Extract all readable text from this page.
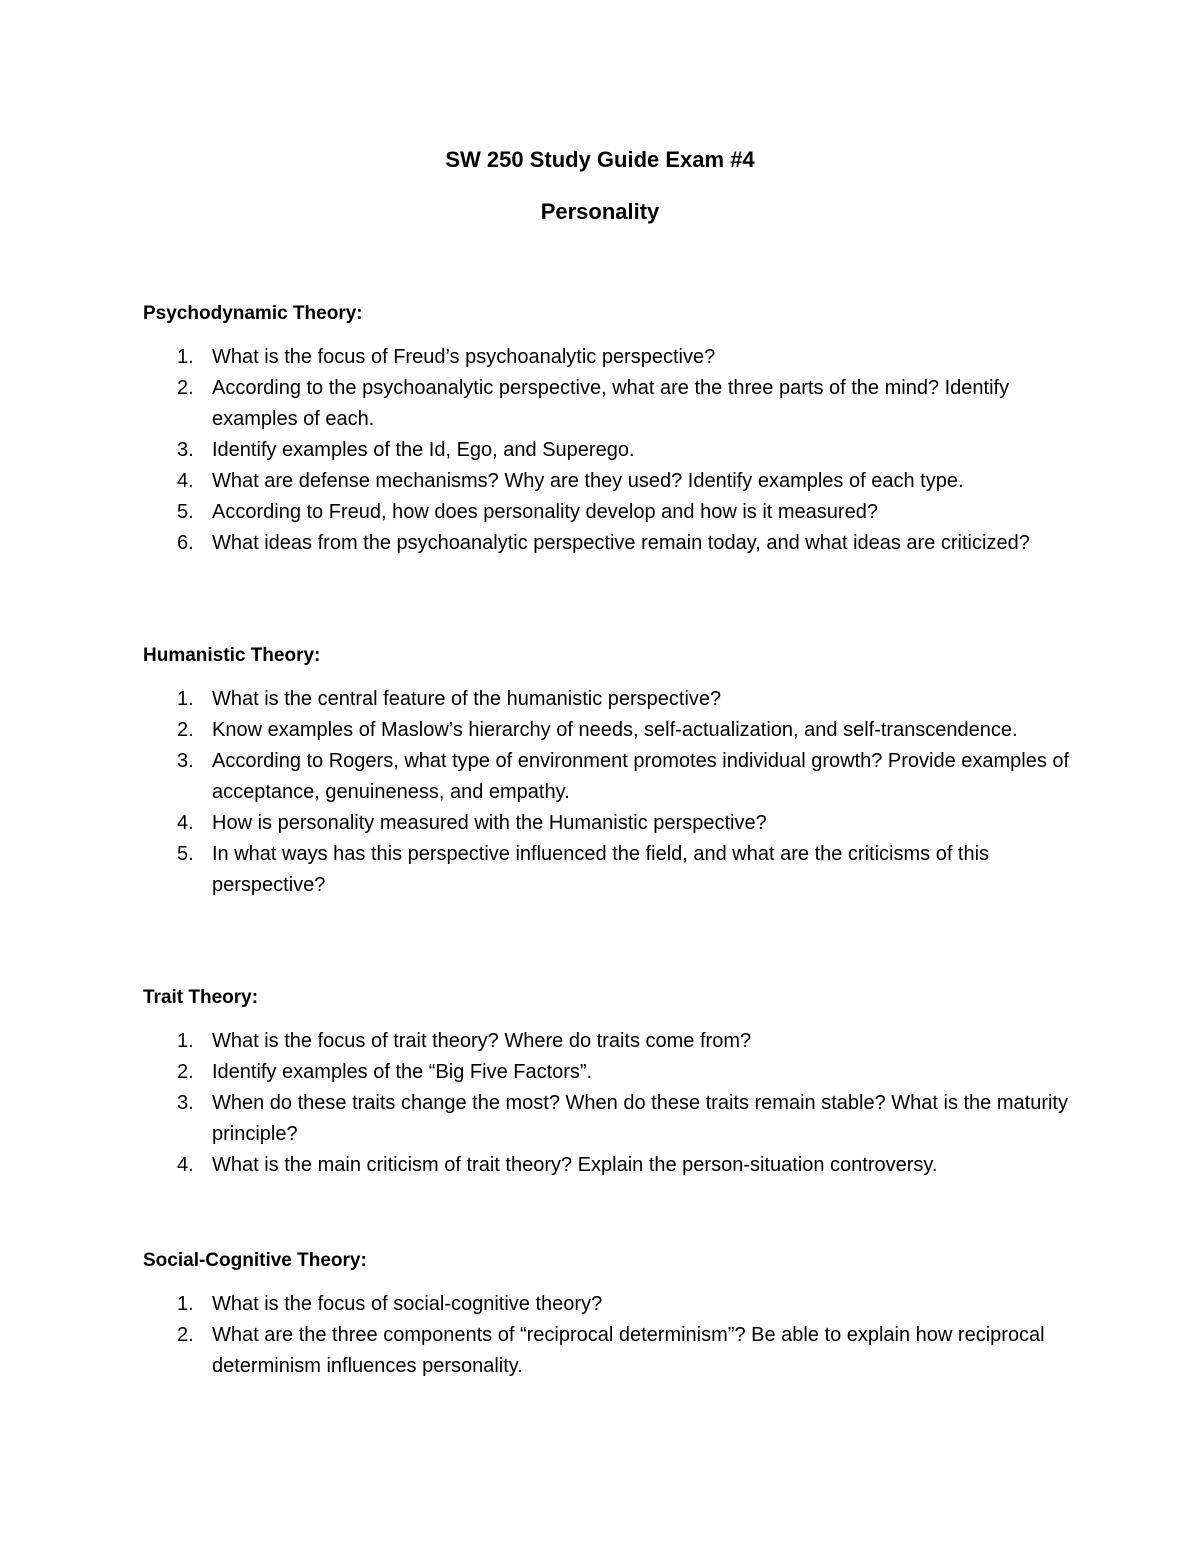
SW 250 Study Guide Exam #4
Personality
Psychodynamic Theory:
1. What is the focus of Freud’s psychoanalytic perspective?
2. According to the psychoanalytic perspective, what are the three parts of the mind? Identify examples of each.
3. Identify examples of the Id, Ego, and Superego.
4. What are defense mechanisms? Why are they used? Identify examples of each type.
5. According to Freud, how does personality develop and how is it measured?
6. What ideas from the psychoanalytic perspective remain today, and what ideas are criticized?
Humanistic Theory:
1. What is the central feature of the humanistic perspective?
2. Know examples of Maslow’s hierarchy of needs, self-actualization, and self-transcendence.
3. According to Rogers, what type of environment promotes individual growth? Provide examples of acceptance, genuineness, and empathy.
4. How is personality measured with the Humanistic perspective?
5. In what ways has this perspective influenced the field, and what are the criticisms of this perspective?
Trait Theory:
1. What is the focus of trait theory? Where do traits come from?
2. Identify examples of the “Big Five Factors”.
3. When do these traits change the most? When do these traits remain stable? What is the maturity principle?
4. What is the main criticism of trait theory? Explain the person-situation controversy.
Social-Cognitive Theory:
1. What is the focus of social-cognitive theory?
2. What are the three components of “reciprocal determinism”? Be able to explain how reciprocal determinism influences personality.
